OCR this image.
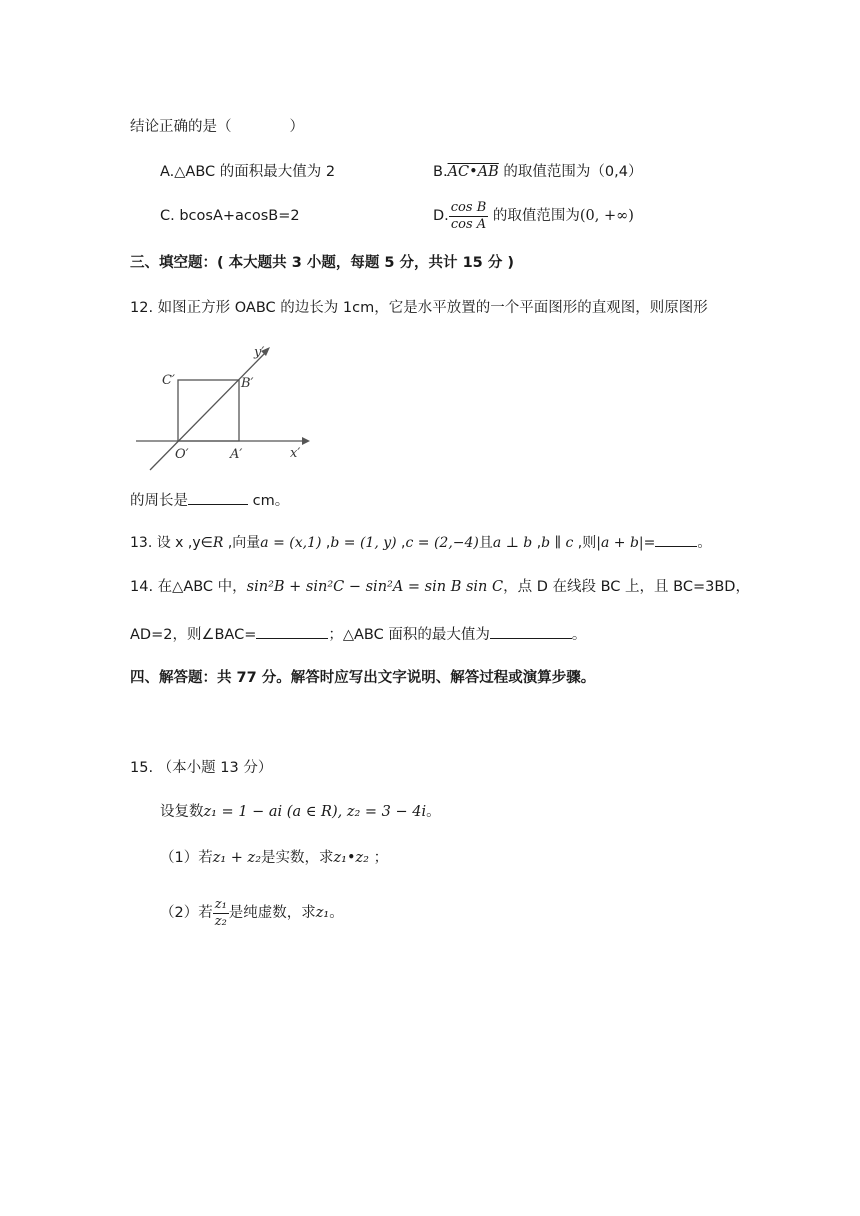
结论正确的是（　　　　）
A.△ABC 的面积最大值为 2	B.AC•AB 的取值范围为（0,4）
C. bcosA+acosB=2	D. $\frac{\text{cos B}}{\text{cos A}}$ 的取值范围为(0, +∞)
三、填空题：( 本大题共 3 小题，每题 5 分，共计 15 分 )
12. 如图正方形 OABC 的边长为 1cm，它是水平放置的一个平面图形的直观图，则原图形
y′
x′
C′	B′
O′	A′
的周长是	cm。
13. 设 x ,y∈R ,向量a = (x,1) ,b = (1, y) ,c = (2,−4)且a ⊥ b ,b ∥ c ,则|a + b|=	。
14. 在△ABC 中，sin²B + sin²C − sin²A = sin B sin C，点 D 在线段 BC 上，且 BC=3BD，
AD=2，则∠BAC=	；△ABC 面积的最大值为	。
四、解答题：共 77 分。解答时应写出文字说明、解答过程或演算步骤。
15. （本小题 13 分）
设复数z₁ = 1 − ai (a ∈ R), z₂ = 3 − 4i。
（1）若z₁ + z₂是实数，求z₁•z₂ ；
（2）若 $\frac{\text{z₁}}{\text{z₂}}$ 是纯虚数，求z₁。
